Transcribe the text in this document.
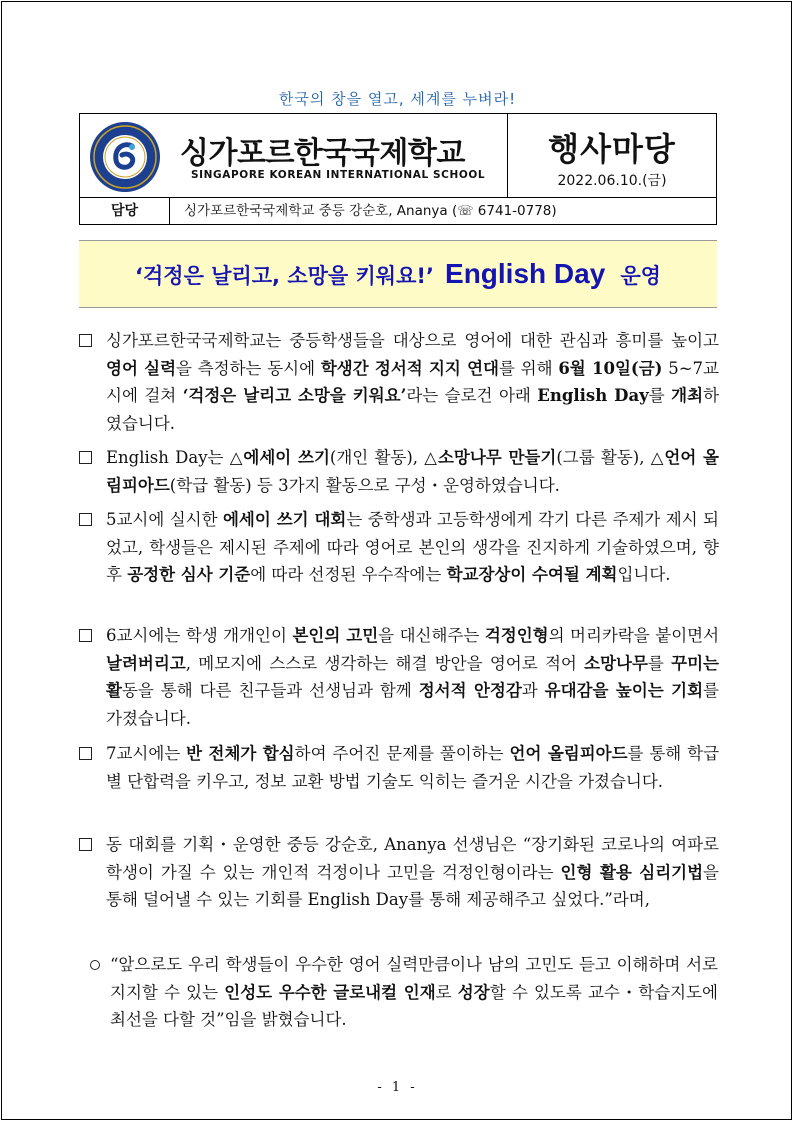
한국의 창을 열고, 세계를 누벼라!
싱가포르한국국제학교
SINGAPORE KOREAN INTERNATIONAL SCHOOL
행사마당
2022.06.10.(금)
담당	싱가포르한국국제학교 중등 강순호, Ananya (☏ 6741-0778)
‘걱정은 날리고, 소망을 키워요!’ English Day 운영
싱가포르한국국제학교는 중등학생들을 대상으로 영어에 대한 관심과 흥미를 높이고 영어 실력을 측정하는 동시에 학생간 정서적 지지 연대를 위해 6월 10일(금) 5~7교시에 걸쳐 ‘걱정은 날리고 소망을 키워요’라는 슬로건 아래 English Day를 개최하였습니다.
English Day는 △에세이 쓰기(개인 활동), △소망나무 만들기(그룹 활동), △언어 올림피아드(학급 활동) 등 3가지 활동으로 구성・운영하였습니다.
5교시에 실시한 에세이 쓰기 대회는 중학생과 고등학생에게 각기 다른 주제가 제시 되었고, 학생들은 제시된 주제에 따라 영어로 본인의 생각을 진지하게 기술하였으며, 향후 공정한 심사 기준에 따라 선정된 우수작에는 학교장상이 수여될 계획입니다.
6교시에는 학생 개개인이 본인의 고민을 대신해주는 걱정인형의 머리카락을 붙이면서 날려버리고, 메모지에 스스로 생각하는 해결 방안을 영어로 적어 소망나무를 꾸미는 활동을 통해 다른 친구들과 선생님과 함께 정서적 안정감과 유대감을 높이는 기회를 가졌습니다.
7교시에는 반 전체가 합심하여 주어진 문제를 풀이하는 언어 올림피아드를 통해 학급별 단합력을 키우고, 정보 교환 방법 기술도 익히는 즐거운 시간을 가졌습니다.
동 대회를 기획・운영한 중등 강순호, Ananya 선생님은 “장기화된 코로나의 여파로 학생이 가질 수 있는 개인적 걱정이나 고민을 걱정인형이라는 인형 활용 심리기법을 통해 덜어낼 수 있는 기회를 English Day를 통해 제공해주고 싶었다.”라며,
“앞으로도 우리 학생들이 우수한 영어 실력만큼이나 남의 고민도 듣고 이해하며 서로 지지할 수 있는 인성도 우수한 글로내컬 인재로 성장할 수 있도록 교수・학습지도에 최선을 다할 것”임을 밝혔습니다.
- 1 -
